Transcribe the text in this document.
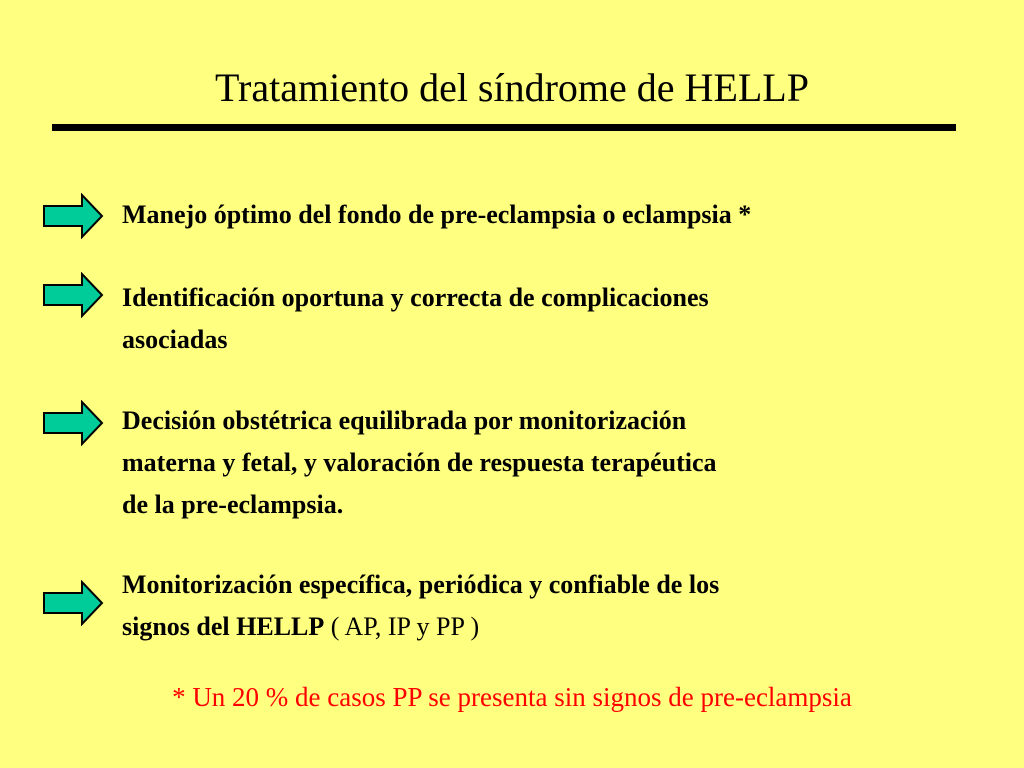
Tratamiento del síndrome de HELLP
Manejo óptimo del fondo de pre-eclampsia o eclampsia *
Identificación oportuna y correcta de complicaciones
asociadas
Decisión obstétrica equilibrada por monitorización
materna y fetal, y valoración de respuesta terapéutica
de la pre-eclampsia.
Monitorización específica, periódica y confiable de los
signos del HELLP ( AP, IP y PP )
* Un 20 % de casos PP se presenta sin signos de pre-eclampsia
